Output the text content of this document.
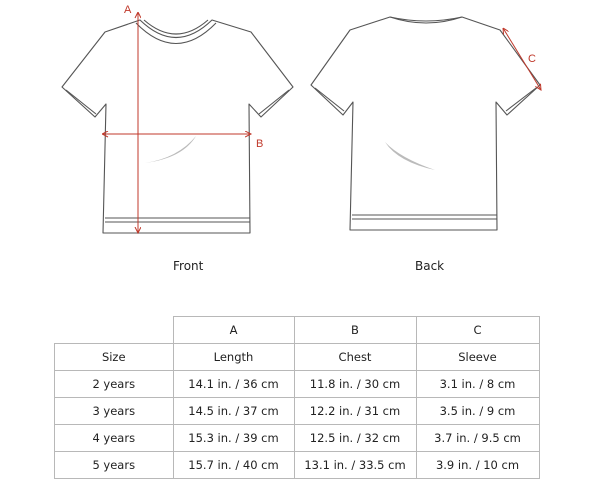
A
B
C
Front	Back
	A	B	C
Size	Length	Chest	Sleeve
2 years	14.1 in. / 36 cm	11.8 in. / 30 cm	3.1 in. / 8 cm
3 years	14.5 in. / 37 cm	12.2 in. / 31 cm	3.5 in. / 9 cm
4 years	15.3 in. / 39 cm	12.5 in. / 32 cm	3.7 in. / 9.5 cm
5 years	15.7 in. / 40 cm	13.1 in. / 33.5 cm	3.9 in. / 10 cm
